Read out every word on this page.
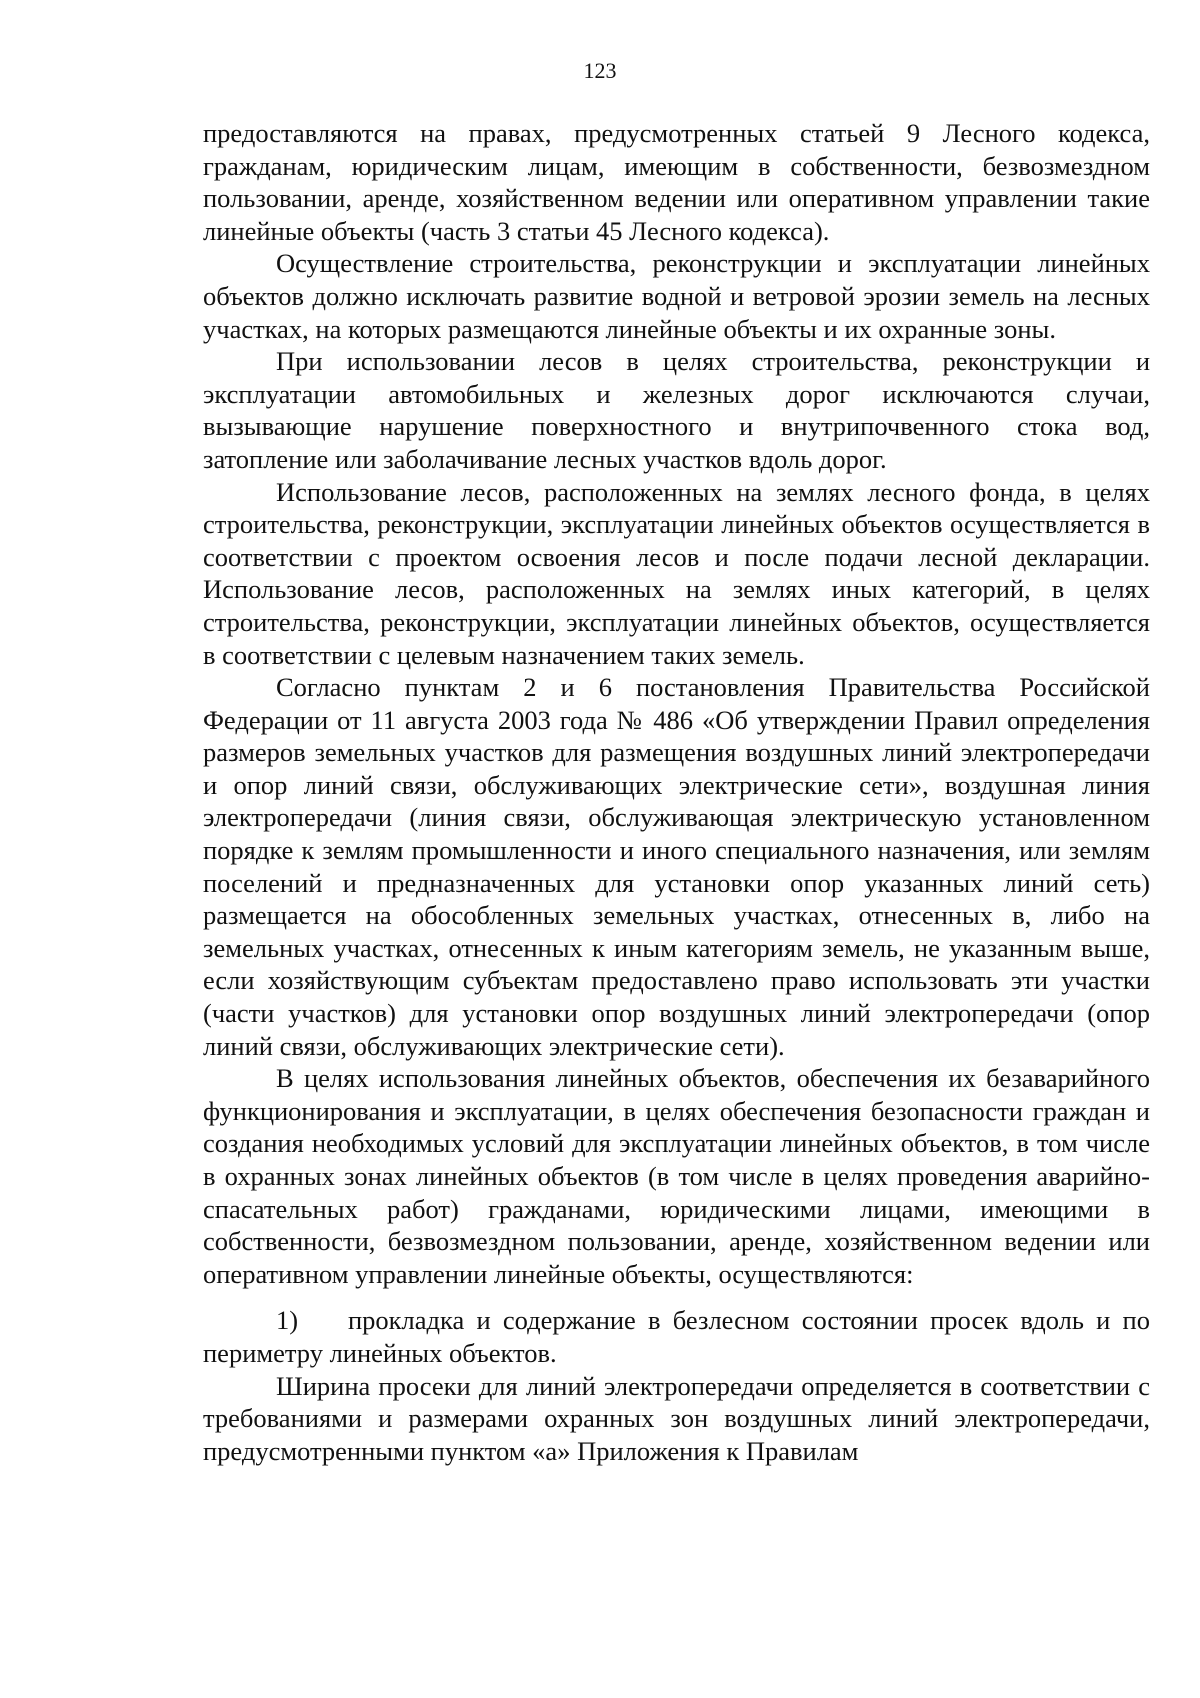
123

предоставляются на правах, предусмотренных статьей 9 Лесного кодекса, гражданам, юридическим лицам, имеющим в собственности, безвозмездном пользовании, аренде, хозяйственном ведении или оперативном управлении такие линейные объекты (часть 3 статьи 45 Лесного кодекса).

Осуществление строительства, реконструкции и эксплуатации линейных объектов должно исключать развитие водной и ветровой эрозии земель на лесных участках, на которых размещаются линейные объекты и их охранные зоны.

При использовании лесов в целях строительства, реконструкции и эксплуатации автомобильных и железных дорог исключаются случаи, вызывающие нарушение поверхностного и внутрипочвенного стока вод, затопление или заболачивание лесных участков вдоль дорог.

Использование лесов, расположенных на землях лесного фонда, в целях строительства, реконструкции, эксплуатации линейных объектов осуществляется в соответствии с проектом освоения лесов и после подачи лесной декларации. Использование лесов, расположенных на землях иных категорий, в целях строительства, реконструкции, эксплуатации линейных объектов, осуществляется в соответствии с целевым назначением таких земель.

Согласно пунктам 2 и 6 постановления Правительства Российской Федерации от 11 августа 2003 года № 486 «Об утверждении Правил определения размеров земельных участков для размещения воздушных линий электропередачи и опор линий связи, обслуживающих электрические сети», воздушная линия электропередачи (линия связи, обслуживающая электрическую установленном порядке к землям промышленности и иного специального назначения, или землям поселений и предназначенных для установки опор указанных линий сеть) размещается на обособленных земельных участках, отнесенных в, либо на земельных участках, отнесенных к иным категориям земель, не указанным выше, если хозяйствующим субъектам предоставлено право использовать эти участки (части участков) для установки опор воздушных линий электропередачи (опор линий связи, обслуживающих электрические сети).

В целях использования линейных объектов, обеспечения их безаварийного функционирования и эксплуатации, в целях обеспечения безопасности граждан и создания необходимых условий для эксплуатации линейных объектов, в том числе в охранных зонах линейных объектов (в том числе в целях проведения аварийно-спасательных работ) гражданами, юридическими лицами, имеющими в собственности, безвозмездном пользовании, аренде, хозяйственном ведении или оперативном управлении линейные объекты, осуществляются:

1) прокладка и содержание в безлесном состоянии просек вдоль и по периметру линейных объектов.

Ширина просеки для линий электропередачи определяется в соответствии с требованиями и размерами охранных зон воздушных линий электропередачи, предусмотренными пунктом «а» Приложения к Правилам
